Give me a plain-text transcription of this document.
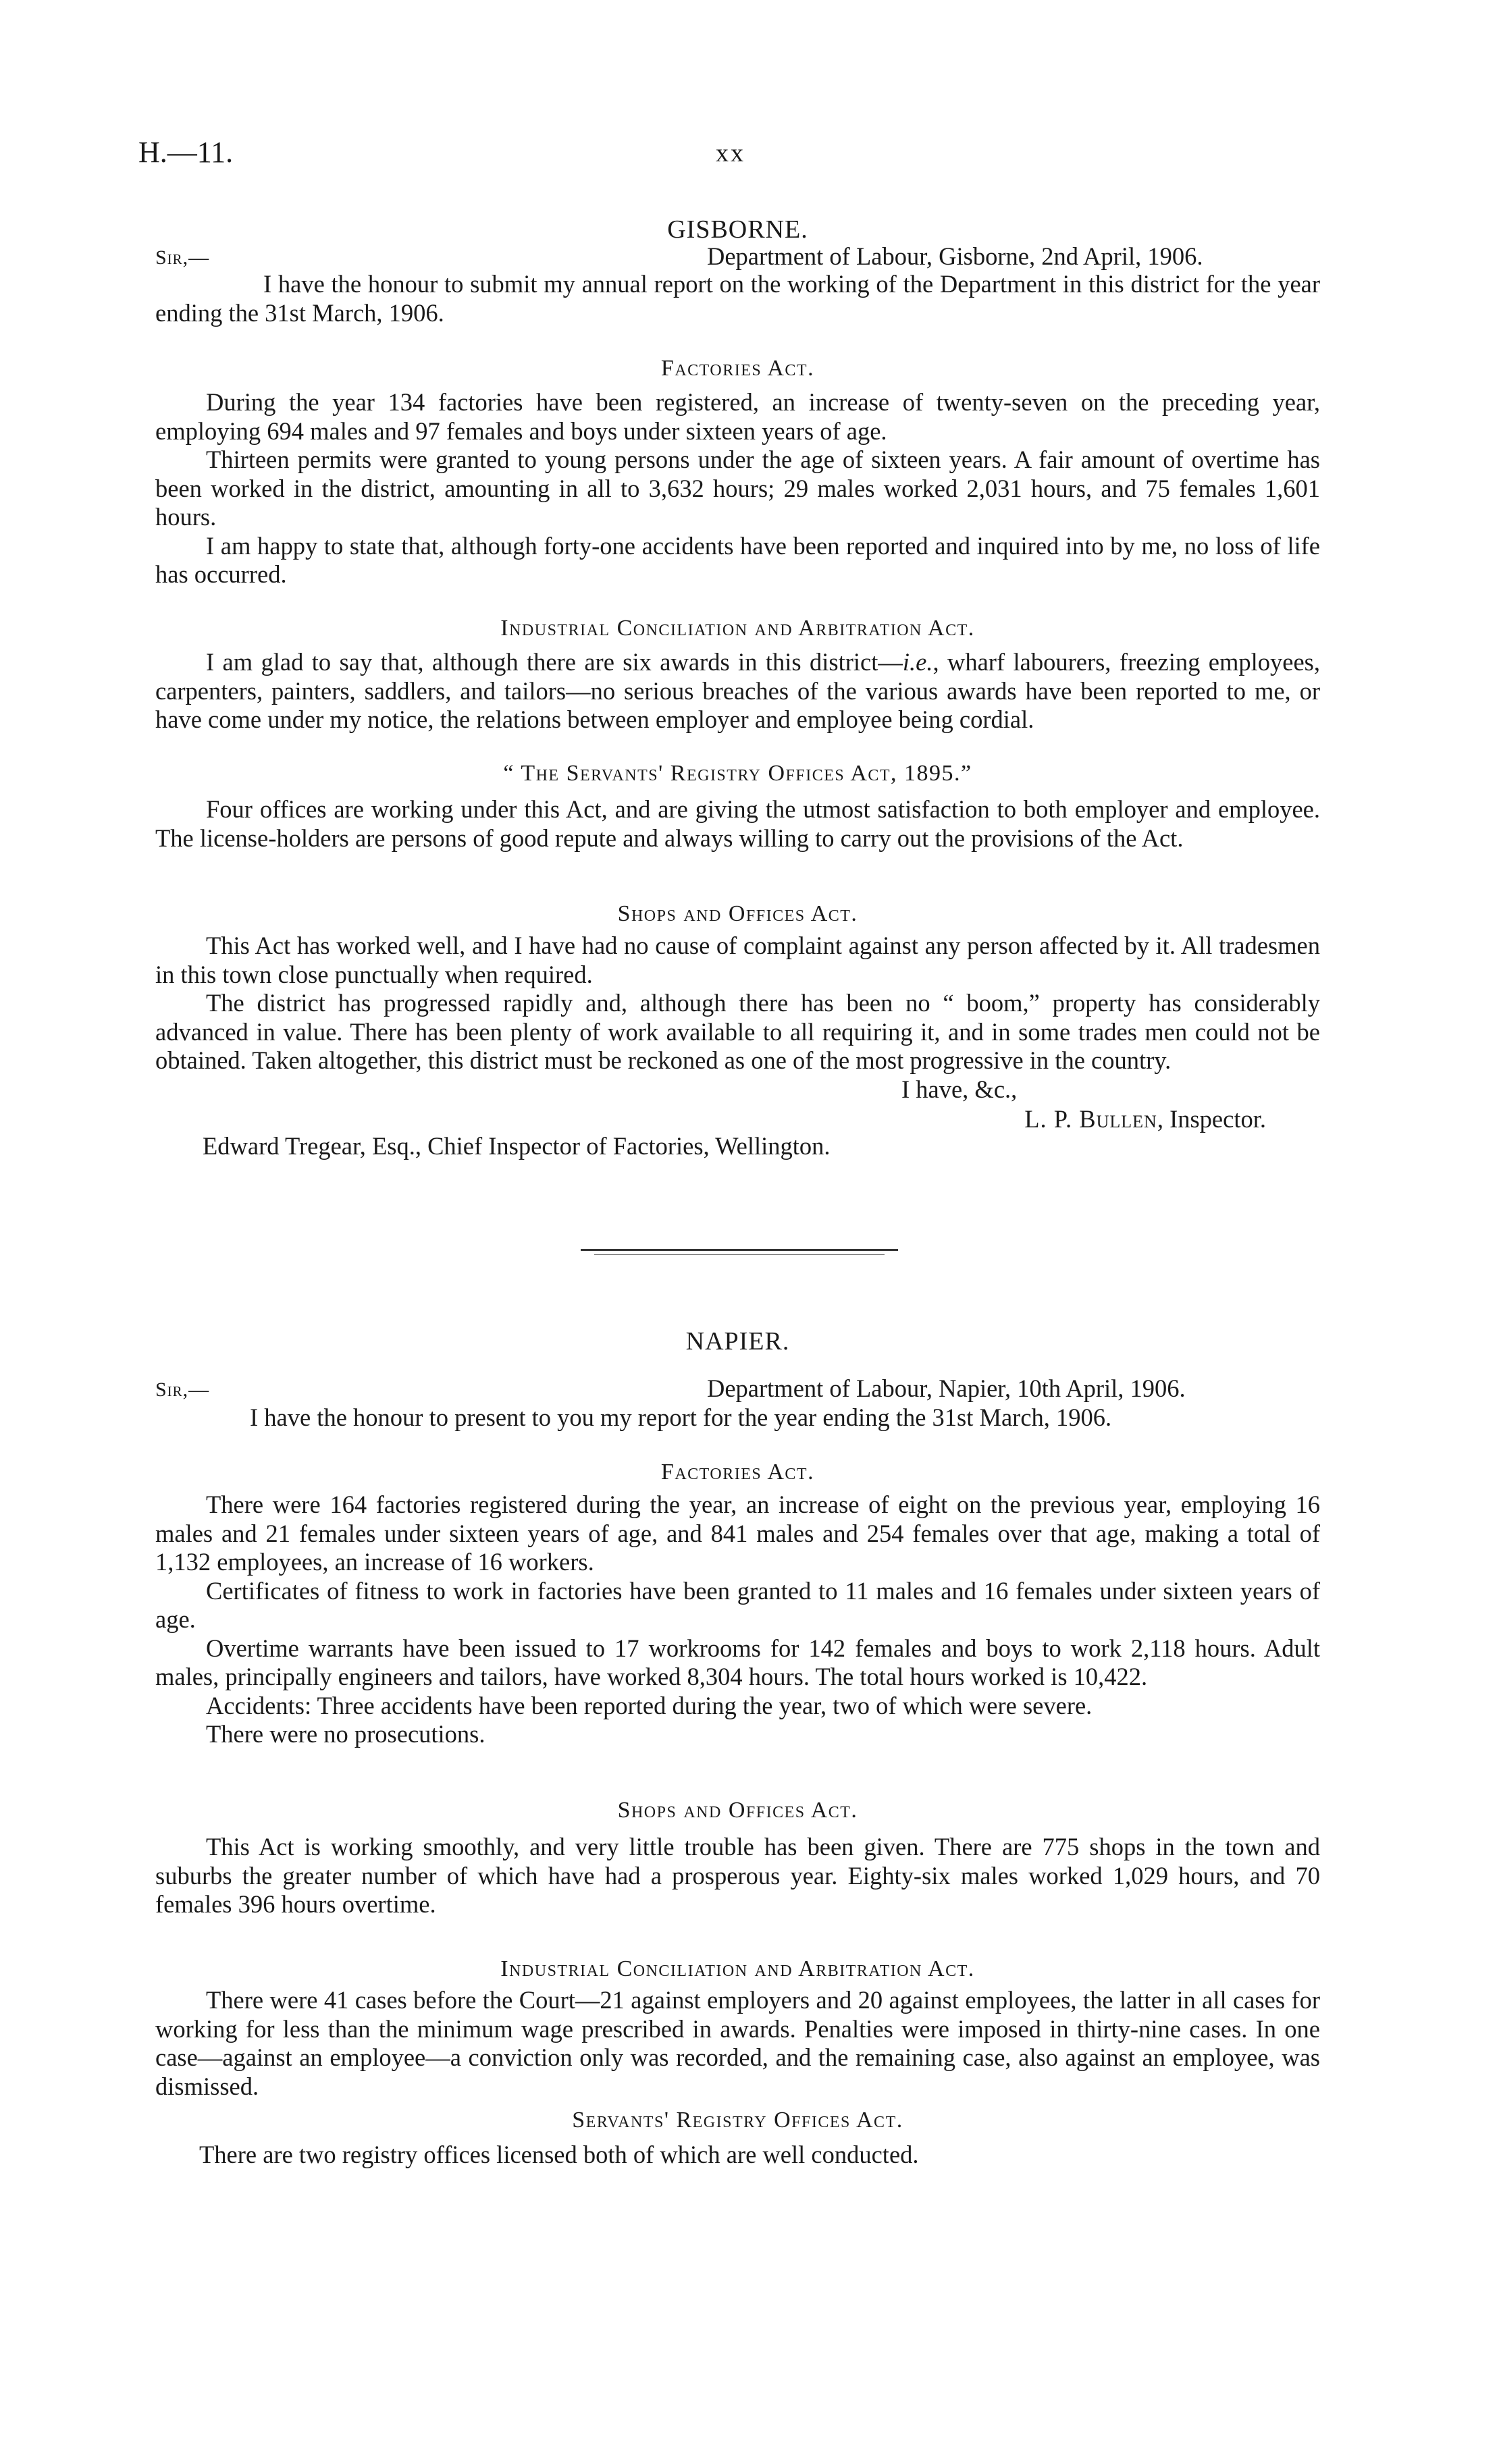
H.—11.	xx
GISBORNE.
Sir,—	Department of Labour, Gisborne, 2nd April, 1906.

I have the honour to submit my annual report on the working of the Department in this district for the year ending the 31st March, 1906.

Factories Act.

During the year 134 factories have been registered, an increase of twenty-seven on the preceding year, employing 694 males and 97 females and boys under sixteen years of age.

Thirteen permits were granted to young persons under the age of sixteen years. A fair amount of overtime has been worked in the district, amounting in all to 3,632 hours; 29 males worked 2,031 hours, and 75 females 1,601 hours.

I am happy to state that, although forty-one accidents have been reported and inquired into by me, no loss of life has occurred.

Industrial Conciliation and Arbitration Act.

I am glad to say that, although there are six awards in this district—i.e., wharf labourers, freezing employees, carpenters, painters, saddlers, and tailors—no serious breaches of the various awards have been reported to me, or have come under my notice, the relations between employer and employee being cordial.

“ The Servants' Registry Offices Act, 1895.”

Four offices are working under this Act, and are giving the utmost satisfaction to both employer and employee. The license-holders are persons of good repute and always willing to carry out the provisions of the Act.

Shops and Offices Act.

This Act has worked well, and I have had no cause of complaint against any person affected by it. All tradesmen in this town close punctually when required.

The district has progressed rapidly and, although there has been no “ boom,” property has considerably advanced in value. There has been plenty of work available to all requiring it, and in some trades men could not be obtained. Taken altogether, this district must be reckoned as one of the most progressive in the country.

I have, &c.,
L. P. Bullen, Inspector.
Edward Tregear, Esq., Chief Inspector of Factories, Wellington.
NAPIER.
Sir,—	Department of Labour, Napier, 10th April, 1906.
I have the honour to present to you my report for the year ending the 31st March, 1906.
Factories Act.

There were 164 factories registered during the year, an increase of eight on the previous year, employing 16 males and 21 females under sixteen years of age, and 841 males and 254 females over that age, making a total of 1,132 employees, an increase of 16 workers.

Certificates of fitness to work in factories have been granted to 11 males and 16 females under sixteen years of age.

Overtime warrants have been issued to 17 workrooms for 142 females and boys to work 2,118 hours. Adult males, principally engineers and tailors, have worked 8,304 hours. The total hours worked is 10,422.

Accidents: Three accidents have been reported during the year, two of which were severe.

There were no prosecutions.

Shops and Offices Act.

This Act is working smoothly, and very little trouble has been given. There are 775 shops in the town and suburbs the greater number of which have had a prosperous year. Eighty-six males worked 1,029 hours, and 70 females 396 hours overtime.

Industrial Conciliation and Arbitration Act.

There were 41 cases before the Court—21 against employers and 20 against employees, the latter in all cases for working for less than the minimum wage prescribed in awards. Penalties were imposed in thirty-nine cases. In one case—against an employee—a conviction only was recorded, and the remaining case, also against an employee, was dismissed.

Servants' Registry Offices Act.
There are two registry offices licensed both of which are well conducted.
